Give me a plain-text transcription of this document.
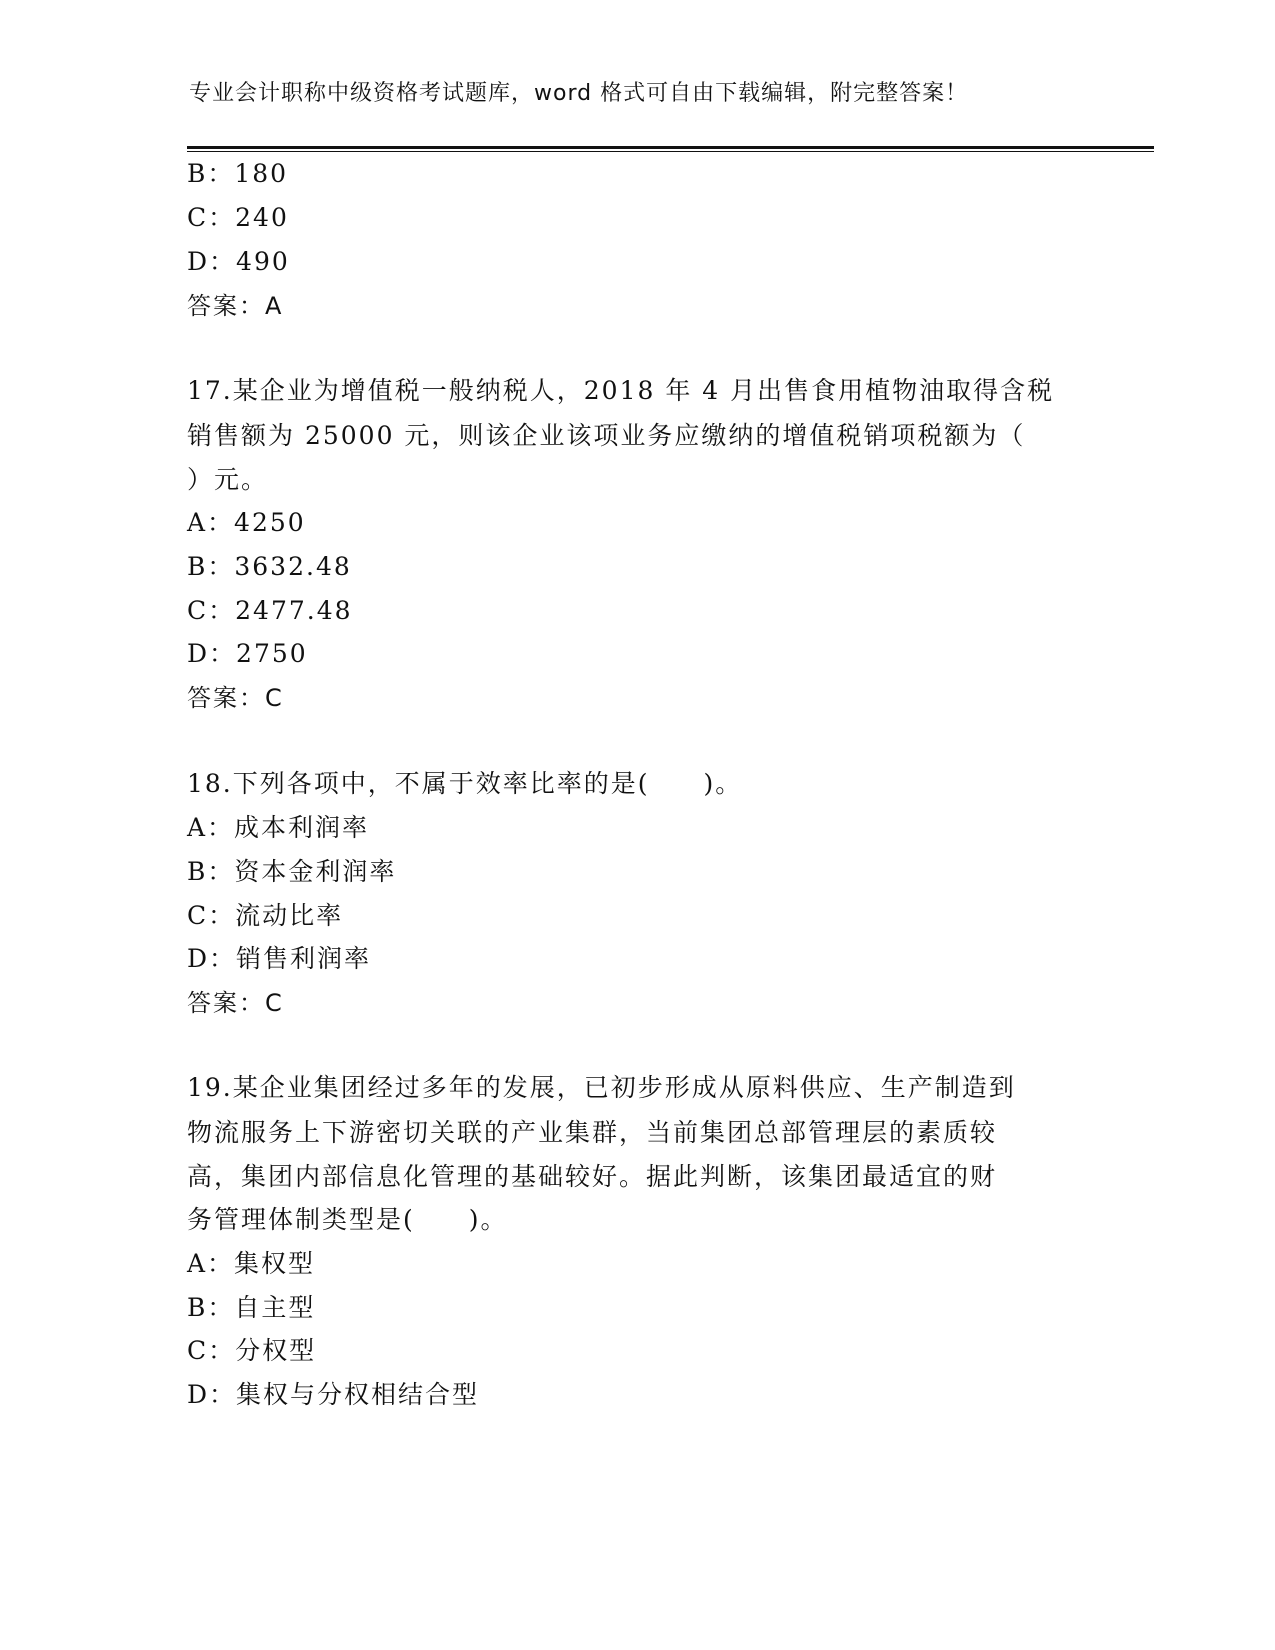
专业会计职称中级资格考试题库，word 格式可自由下载编辑，附完整答案！
B：180
C：240
D：490
答案：A
17.某企业为增值税一般纳税人，2018 年 4 月出售食用植物油取得含税
销售额为 25000 元，则该企业该项业务应缴纳的增值税销项税额为（
）元。
A：4250
B：3632.48
C：2477.48
D：2750
答案：C
18.下列各项中，不属于效率比率的是(　　)。
A：成本利润率
B：资本金利润率
C：流动比率
D：销售利润率
答案：C
19.某企业集团经过多年的发展，已初步形成从原料供应、生产制造到
物流服务上下游密切关联的产业集群，当前集团总部管理层的素质较
高，集团内部信息化管理的基础较好。据此判断，该集团最适宜的财
务管理体制类型是(　　)。
A：集权型
B：自主型
C：分权型
D：集权与分权相结合型
